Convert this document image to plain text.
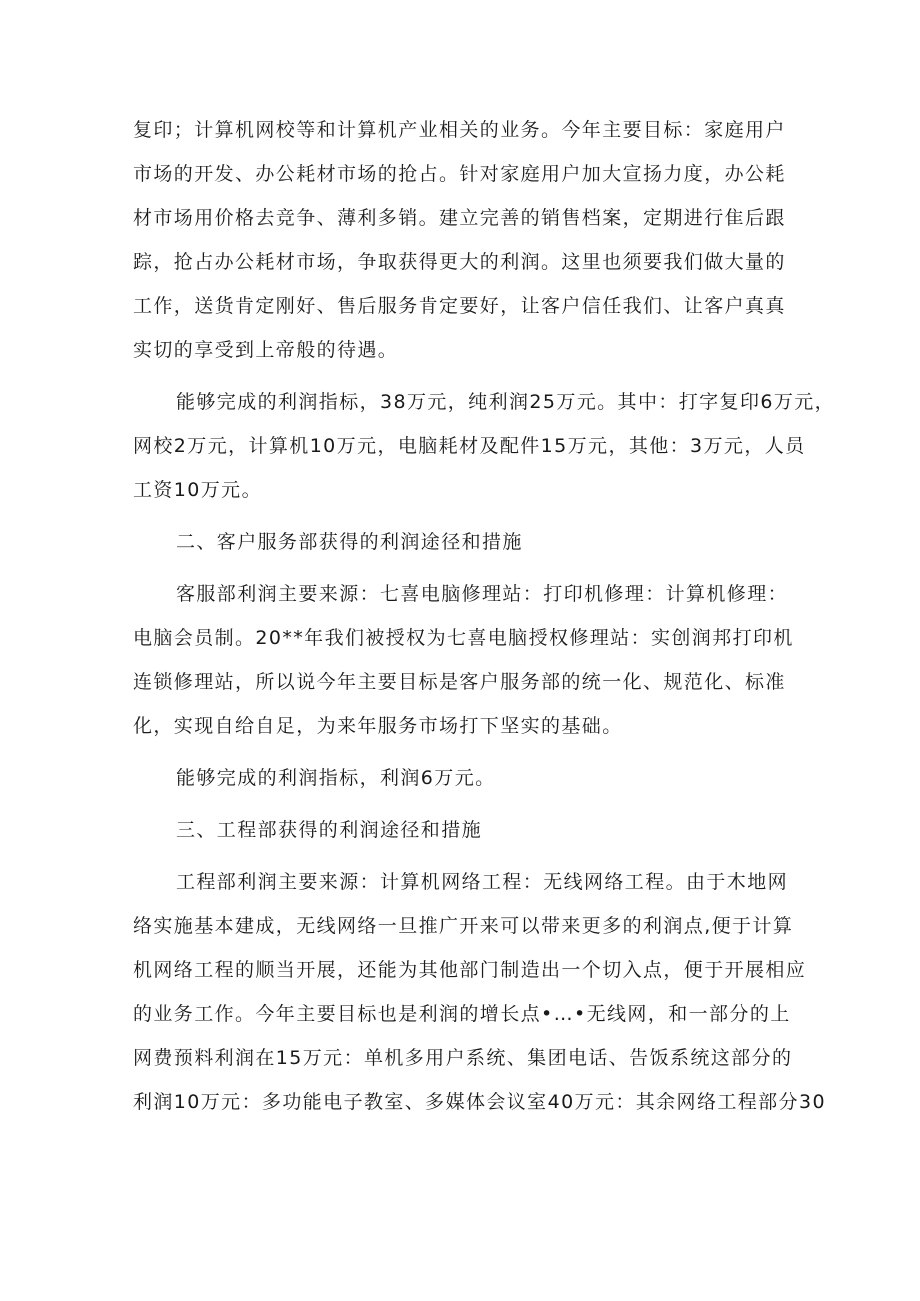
复印；计算机网校等和计算机产业相关的业务。今年主要目标：家庭用户
市场的开发、办公耗材市场的抢占。针对家庭用户加大宣扬力度，办公耗
材市场用价格去竞争、薄利多销。建立完善的销售档案，定期进行隹后跟
踪，抢占办公耗材市场，争取获得更大的利润。这里也须要我们做大量的
工作，送货肯定刚好、售后服务肯定要好，让客户信任我们、让客户真真
实切的享受到上帝般的待遇。
能够完成的利润指标，38万元，纯利润25万元。其中：打字复印6万元，
网校2万元，计算机10万元，电脑耗材及配件15万元，其他：3万元，人员
工资10万元。
二、客户服务部获得的利润途径和措施
客服部利润主要来源：七喜电脑修理站：打印机修理：计算机修理：
电脑会员制。20**年我们被授权为七喜电脑授权修理站：实创润邦打印机
连锁修理站，所以说今年主要目标是客户服务部的统一化、规范化、标准
化，实现自给自足，为来年服务市场打下坚实的基础。
能够完成的利润指标，利润6万元。
三、工程部获得的利润途径和措施
工程部利润主要来源：计算机网络工程：无线网络工程。由于木地网
络实施基本建成，无线网络一旦推广开来可以带来更多的利润点,便于计算
机网络工程的顺当开展，还能为其他部门制造出一个切入点，便于开展相应
的业务工作。今年主要目标也是利润的增长点•…•无线网，和一部分的上
网费预料利润在15万元：单机多用户系统、集团电话、告饭系统这部分的
利润10万元：多功能电子教室、多媒体会议室40万元：其余网络工程部分30
